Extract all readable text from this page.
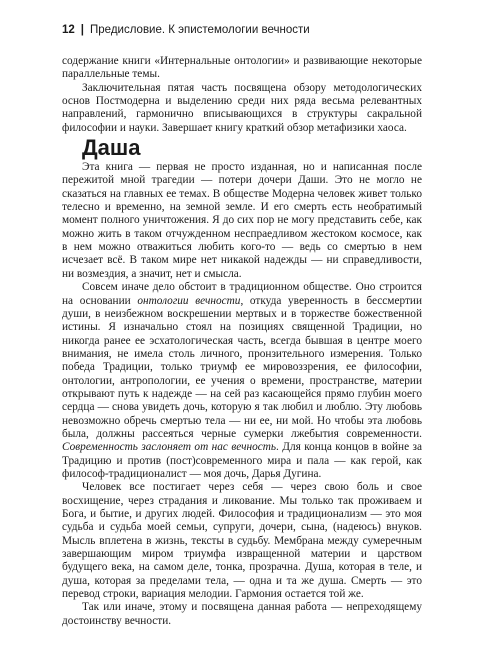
12 | Предисловие. К эпистемологии вечности

содержание книги «Интернальные онтологии» и развивающие некоторые параллельные темы.

Заключительная пятая часть посвящена обзору методологических основ Постмодерна и выделению среди них ряда весьма релевантных направлений, гармонично вписывающихся в структуры сакральной философии и науки. Завершает книгу краткий обзор метафизики хаоса.

Даша

Эта книга — первая не просто изданная, но и написанная после пережитой мной трагедии — потери дочери Даши. Это не могло не сказаться на главных ее темах. В обществе Модерна человек живет только телесно и временно, на земной земле. И его смерть есть необратимый момент полного уничтожения. Я до сих пор не могу представить себе, как можно жить в таком отчужденном неспраедливом жестоком космосе, как в нем можно отважиться любить кого-то — ведь со смертью в нем исчезает всё. В таком мире нет никакой надежды — ни справедливости, ни возмездия, а значит, нет и смысла.

Совсем иначе дело обстоит в традиционном обществе. Оно строится на основании онтологии вечности, откуда уверенность в бессмертии души, в неизбежном воскрешении мертвых и в торжестве божественной истины. Я изначально стоял на позициях священной Традиции, но никогда ранее ее эсхатологическая часть, всегда бывшая в центре моего внимания, не имела столь личного, пронзительного измерения. Только победа Традиции, только триумф ее мировоззрения, ее философии, онтологии, антропологии, ее учения о времени, пространстве, материи открывают путь к надежде — на сей раз касающейся прямо глубин моего сердца — снова увидеть дочь, которую я так любил и люблю. Эту любовь невозможно обречь смертью тела — ни ее, ни мой. Но чтобы эта любовь была, должны рассеяться черные сумерки лжебытия современности. Современность заслоняет от нас вечность. Для конца концов в войне за Традицию и против (пост)современного мира и пала — как герой, как философ-традиционалист — моя дочь, Дарья Дугина.

Человек все постигает через себя — через свою боль и свое восхищение, через страдания и ликование. Мы только так проживаем и Бога, и бытие, и других людей. Философия и традиционализм — это моя судьба и судьба моей семьи, супруги, дочери, сына, (надеюсь) внуков. Мысль вплетена в жизнь, тексты в судьбу. Мембрана между сумеречным завершающим миром триумфа извращенной материи и царством будущего века, на самом деле, тонка, прозрачна. Душа, которая в теле, и душа, которая за пределами тела, — одна и та же душа. Смерть — это перевод строки, вариация мелодии. Гармония остается той же.

Так или иначе, этому и посвящена данная работа — непреходящему достоинству вечности.
